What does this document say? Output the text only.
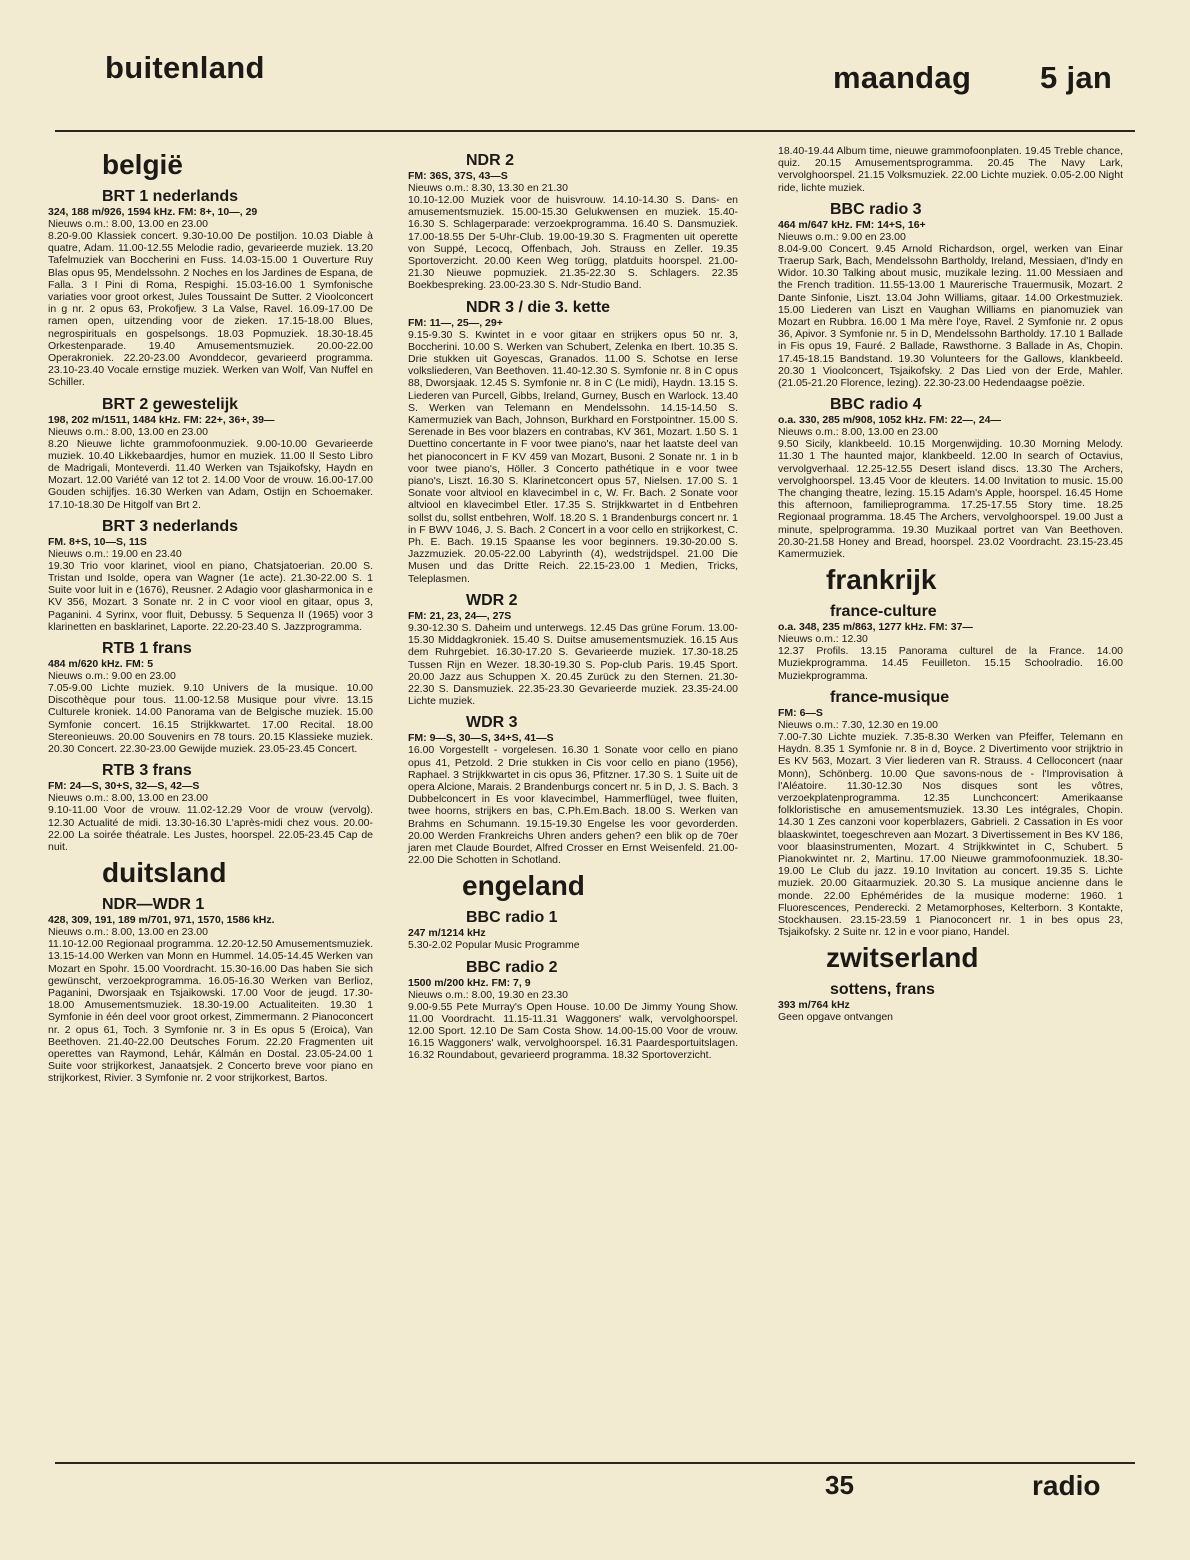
buitenland	maandag 5 jan
belgië
BRT 1 nederlands
324, 188 m/926, 1594 kHz. FM: 8+, 10—, 29
Nieuws o.m.: 8.00, 13.00 en 23.00
8.20-9.00 Klassiek concert. 9.30-10.00 De postiljon. 10.03 Diable à quatre, Adam. 11.00-12.55 Melodie radio, gevarieerde muziek. 13.20 Tafelmuziek van Boccherini en Fuss. 14.03-15.00 1 Ouverture Ruy Blas opus 95, Mendelssohn. 2 Noches en los Jardines de Espana, de Falla. 3 I Pini di Roma, Respighi. 15.03-16.00 1 Symfonische variaties voor groot orkest, Jules Toussaint De Sutter. 2 Vioolconcert in g nr. 2 opus 63, Prokofjew. 3 La Valse, Ravel. 16.09-17.00 De ramen open, uitzending voor de zieken. 17.15-18.00 Blues, negrospirituals en gospelsongs. 18.03 Popmuziek. 18.30-18.45 Orkestenparade. 19.40 Amusementsmuziek. 20.00-22.00 Operakroniek. 22.20-23.00 Avonddecor, gevarieerd programma. 23.10-23.40 Vocale ernstige muziek. Werken van Wolf, Van Nuffel en Schiller.
BRT 2 gewestelijk
198, 202 m/1511, 1484 kHz. FM: 22+, 36+, 39—
Nieuws o.m.: 8.00, 13.00 en 23.00
8.20 Nieuwe lichte grammofoonmuziek. 9.00-10.00 Gevarieerde muziek. 10.40 Likkebaardjes, humor en muziek. 11.00 Il Sesto Libro de Madrigali, Monteverdi. 11.40 Werken van Tsjaikofsky, Haydn en Mozart. 12.00 Variété van 12 tot 2. 14.00 Voor de vrouw. 16.00-17.00 Gouden schijfjes. 16.30 Werken van Adam, Ostijn en Schoemaker. 17.10-18.30 De Hitgolf van Brt 2.
BRT 3 nederlands
FM. 8+S, 10—S, 11S
Nieuws o.m.: 19.00 en 23.40
19.30 Trio voor klarinet, viool en piano, Chatsjatoerian. 20.00 S. Tristan und Isolde, opera van Wagner (1e acte). 21.30-22.00 S. 1 Suite voor luit in e (1676), Reusner. 2 Adagio voor glasharmonica in e KV 356, Mozart. 3 Sonate nr. 2 in C voor viool en gitaar, opus 3, Paganini. 4 Syrinx, voor fluit, Debussy. 5 Sequenza II (1965) voor 3 klarinetten en basklarinet, Laporte. 22.20-23.40 S. Jazzprogramma.
RTB 1 frans
484 m/620 kHz. FM: 5
Nieuws o.m.: 9.00 en 23.00
7.05-9.00 Lichte muziek. 9.10 Univers de la musique. 10.00 Discothèque pour tous. 11.00-12.58 Musique pour vivre. 13.15 Culturele kroniek. 14.00 Panorama van de Belgische muziek. 15.00 Symfonie concert. 16.15 Strijkkwartet. 17.00 Recital. 18.00 Stereonieuws. 20.00 Souvenirs en 78 tours. 20.15 Klassieke muziek. 20.30 Concert. 22.30-23.00 Gewijde muziek. 23.05-23.45 Concert.
RTB 3 frans
FM: 24—S, 30+S, 32—S, 42—S
Nieuws o.m.: 8.00, 13.00 en 23.00
9.10-11.00 Voor de vrouw. 11.02-12.29 Voor de vrouw (vervolg). 12.30 Actualité de midi. 13.30-16.30 L'après-midi chez vous. 20.00-22.00 La soirée théatrale. Les Justes, hoorspel. 22.05-23.45 Cap de nuit.
duitsland
NDR—WDR 1
428, 309, 191, 189 m/701, 971, 1570, 1586 kHz.
Nieuws o.m.: 8.00, 13.00 en 23.00
11.10-12.00 Regionaal programma. 12.20-12.50 Amusementsmuziek. 13.15-14.00 Werken van Monn en Hummel. 14.05-14.45 Werken van Mozart en Spohr. 15.00 Voordracht. 15.30-16.00 Das haben Sie sich gewünscht, verzoekprogramma. 16.05-16.30 Werken van Berlioz, Paganini, Dworsjaak en Tsjaikowski. 17.00 Voor de jeugd. 17.30-18.00 Amusementsmuziek. 18.30-19.00 Actualiteiten. 19.30 1 Symfonie in één deel voor groot orkest, Zimmermann. 2 Pianoconcert nr. 2 opus 61, Toch. 3 Symfonie nr. 3 in Es opus 5 (Eroica), Van Beethoven. 21.40-22.00 Deutsches Forum. 22.20 Fragmenten uit operettes van Raymond, Lehár, Kálmán en Dostal. 23.05-24.00 1 Suite voor strijkorkest, Janaatsjek. 2 Concerto breve voor piano en strijkorkest, Rivier. 3 Symfonie nr. 2 voor strijkorkest, Bartos.
NDR 2
FM: 36S, 37S, 43—S
Nieuws o.m.: 8.30, 13.30 en 21.30
10.10-12.00 Muziek voor de huisvrouw. 14.10-14.30 S. Dans- en amusementsmuziek. 15.00-15.30 Gelukwensen en muziek. 15.40-16.30 S. Schlagerparade: verzoekprogramma. 16.40 S. Dansmuziek. 17.00-18.55 Der 5-Uhr-Club. 19.00-19.30 S. Fragmenten uit operette von Suppé, Lecocq, Offenbach, Joh. Strauss en Zeller. 19.35 Sportoverzicht. 20.00 Keen Weg torügg, platduits hoorspel. 21.00-21.30 Nieuwe popmuziek. 21.35-22.30 S. Schlagers. 22.35 Boekbespreking. 23.00-23.30 S. Ndr-Studio Band.
NDR 3 / die 3. kette
FM: 11—, 25—, 29+
9.15-9.30 S. Kwintet in e voor gitaar en strijkers opus 50 nr. 3, Boccherini. 10.00 S. Werken van Schubert, Zelenka en Ibert. 10.35 S. Drie stukken uit Goyescas, Granados. 11.00 S. Schotse en Ierse volksliederen, Van Beethoven. 11.40-12.30 S. Symfonie nr. 8 in C opus 88, Dworsjaak. 12.45 S. Symfonie nr. 8 in C (Le midi), Haydn. 13.15 S. Liederen van Purcell, Gibbs, Ireland, Gurney, Busch en Warlock. 13.40 S. Werken van Telemann en Mendelssohn. 14.15-14.50 S. Kamermuziek van Bach, Johnson, Burkhard en Forstpointner. 15.00 S. Serenade in Bes voor blazers en contrabas, KV 361, Mozart. 1.50 S. 1 Duettino concertante in F voor twee piano's, naar het laatste deel van het pianoconcert in F KV 459 van Mozart, Busoni. 2 Sonate nr. 1 in b voor twee piano's, Höller. 3 Concerto pathétique in e voor twee piano's, Liszt. 16.30 S. Klarinetconcert opus 57, Nielsen. 17.00 S. 1 Sonate voor altviool en klavecimbel in c, W. Fr. Bach. 2 Sonate voor altviool en klavecimbel Etler. 17.35 S. Strijkkwartet in d Entbehren sollst du, sollst entbehren, Wolf. 18.20 S. 1 Brandenburgs concert nr. 1 in F BWV 1046, J. S. Bach. 2 Concert in a voor cello en strijkorkest, C. Ph. E. Bach. 19.15 Spaanse les voor beginners. 19.30-20.00 S. Jazzmuziek. 20.05-22.00 Labyrinth (4), wedstrijdspel. 21.00 Die Musen und das Dritte Reich. 22.15-23.00 1 Medien, Tricks, Teleplasmen.
WDR 2
FM: 21, 23, 24—, 27S
9.30-12.30 S. Daheim und unterwegs. 12.45 Das grüne Forum. 13.00-15.30 Middagkroniek. 15.40 S. Duitse amusementsmuziek. 16.15 Aus dem Ruhrgebiet. 16.30-17.20 S. Gevarieerde muziek. 17.30-18.25 Tussen Rijn en Wezer. 18.30-19.30 S. Pop-club Paris. 19.45 Sport. 20.00 Jazz aus Schuppen X. 20.45 Zurück zu den Sternen. 21.30-22.30 S. Dansmuziek. 22.35-23.30 Gevarieerde muziek. 23.35-24.00 Lichte muziek.
WDR 3
FM: 9—S, 30—S, 34+S, 41—S
16.00 Vorgestellt - vorgelesen. 16.30 1 Sonate voor cello en piano opus 41, Petzold. 2 Drie stukken in Cis voor cello en piano (1956), Raphael. 3 Strijkkwartet in cis opus 36, Pfitzner. 17.30 S. 1 Suite uit de opera Alcione, Marais. 2 Brandenburgs concert nr. 5 in D, J. S. Bach. 3 Dubbelconcert in Es voor klavecimbel, Hammerflügel, twee fluiten, twee hoorns, strijkers en bas, C.Ph.Em.Bach. 18.00 S. Werken van Brahms en Schumann. 19.15-19.30 Engelse les voor gevorderden. 20.00 Werden Frankreichs Uhren anders gehen? een blik op de 70er jaren met Claude Bourdet, Alfred Crosser en Ernst Weisenfeld. 21.00-22.00 Die Schotten in Schotland.
engeland
BBC radio 1
247 m/1214 kHz
5.30-2.02 Popular Music Programme
BBC radio 2
1500 m/200 kHz. FM: 7, 9
Nieuws o.m.: 8.00, 19.30 en 23.30
9.00-9.55 Pete Murray's Open House. 10.00 De Jimmy Young Show. 11.00 Voordracht. 11.15-11.31 Waggoners' walk, vervolghoorspel. 12.00 Sport. 12.10 De Sam Costa Show. 14.00-15.00 Voor de vrouw. 16.15 Waggoners' walk, vervolghoorspel. 16.31 Paardesportuitslagen. 16.32 Roundabout, gevarieerd programma. 18.32 Sportoverzicht.
18.40-19.44 Album time, nieuwe grammofoonplaten. 19.45 Treble chance, quiz. 20.15 Amusementsprogramma. 20.45 The Navy Lark, vervolghoorspel. 21.15 Volksmuziek. 22.00 Lichte muziek. 0.05-2.00 Night ride, lichte muziek.
BBC radio 3
464 m/647 kHz. FM: 14+S, 16+
Nieuws o.m.: 9.00 en 23.00
8.04-9.00 Concert. 9.45 Arnold Richardson, orgel, werken van Einar Traerup Sark, Bach, Mendelssohn Bartholdy, Ireland, Messiaen, d'Indy en Widor. 10.30 Talking about music, muzikale lezing. 11.00 Messiaen and the French tradition. 11.55-13.00 1 Maurerische Trauermusik, Mozart. 2 Dante Sinfonie, Liszt. 13.04 John Williams, gitaar. 14.00 Orkestmuziek. 15.00 Liederen van Liszt en Vaughan Williams en pianomuziek van Mozart en Rubbra. 16.00 1 Ma mère l'oye, Ravel. 2 Symfonie nr. 2 opus 36, Apivor. 3 Symfonie nr. 5 in D, Mendelssohn Bartholdy. 17.10 1 Ballade in Fis opus 19, Fauré. 2 Ballade, Rawsthorne. 3 Ballade in As, Chopin. 17.45-18.15 Bandstand. 19.30 Volunteers for the Gallows, klankbeeld. 20.30 1 Vioolconcert, Tsjaikofsky. 2 Das Lied von der Erde, Mahler. (21.05-21.20 Florence, lezing). 22.30-23.00 Hedendaagse poëzie.
BBC radio 4
o.a. 330, 285 m/908, 1052 kHz. FM: 22—, 24—
Nieuws o.m.: 8.00, 13.00 en 23.00
9.50 Sicily, klankbeeld. 10.15 Morgenwijding. 10.30 Morning Melody. 11.30 1 The haunted major, klankbeeld. 12.00 In search of Octavius, vervolgverhaal. 12.25-12.55 Desert island discs. 13.30 The Archers, vervolghoorspel. 13.45 Voor de kleuters. 14.00 Invitation to music. 15.00 The changing theatre, lezing. 15.15 Adam's Apple, hoorspel. 16.45 Home this afternoon, familieprogramma. 17.25-17.55 Story time. 18.25 Regionaal programma. 18.45 The Archers, vervolghoorspel. 19.00 Just a minute, spelprogramma. 19.30 Muzikaal portret van Van Beethoven. 20.30-21.58 Honey and Bread, hoorspel. 23.02 Voordracht. 23.15-23.45 Kamermuziek.
frankrijk
france-culture
o.a. 348, 235 m/863, 1277 kHz. FM: 37—
Nieuws o.m.: 12.30
12.37 Profils. 13.15 Panorama culturel de la France. 14.00 Muziekprogramma. 14.45 Feuilleton. 15.15 Schoolradio. 16.00 Muziekprogramma.
france-musique
FM: 6—S
Nieuws o.m.: 7.30, 12.30 en 19.00
7.00-7.30 Lichte muziek. 7.35-8.30 Werken van Pfeiffer, Telemann en Haydn. 8.35 1 Symfonie nr. 8 in d, Boyce. 2 Divertimento voor strijktrio in Es KV 563, Mozart. 3 Vier liederen van R. Strauss. 4 Celloconcert (naar Monn), Schönberg. 10.00 Que savons-nous de - l'Improvisation à l'Aléatoire. 11.30-12.30 Nos disques sont les vôtres, verzoekplatenprogramma. 12.35 Lunchconcert: Amerikaanse folkloristische en amusementsmuziek. 13.30 Les intégrales, Chopin. 14.30 1 Zes canzoni voor koperblazers, Gabrieli. 2 Cassation in Es voor blaaskwintet, toegeschreven aan Mozart. 3 Divertissement in Bes KV 186, voor blaasinstrumenten, Mozart. 4 Strijkkwintet in C, Schubert. 5 Pianokwintet nr. 2, Martinu. 17.00 Nieuwe grammofoonmuziek. 18.30-19.00 Le Club du jazz. 19.10 Invitation au concert. 19.35 S. Lichte muziek. 20.00 Gitaarmuziek. 20.30 S. La musique ancienne dans le monde. 22.00 Ephémérides de la musique moderne: 1960. 1 Fluorescences, Penderecki. 2 Metamorphoses, Kelterborn. 3 Kontakte, Stockhausen. 23.15-23.59 1 Pianoconcert nr. 1 in bes opus 23, Tsjaikofsky. 2 Suite nr. 12 in e voor piano, Handel.
zwitserland
sottens, frans
393 m/764 kHz
Geen opgave ontvangen
35	radio
